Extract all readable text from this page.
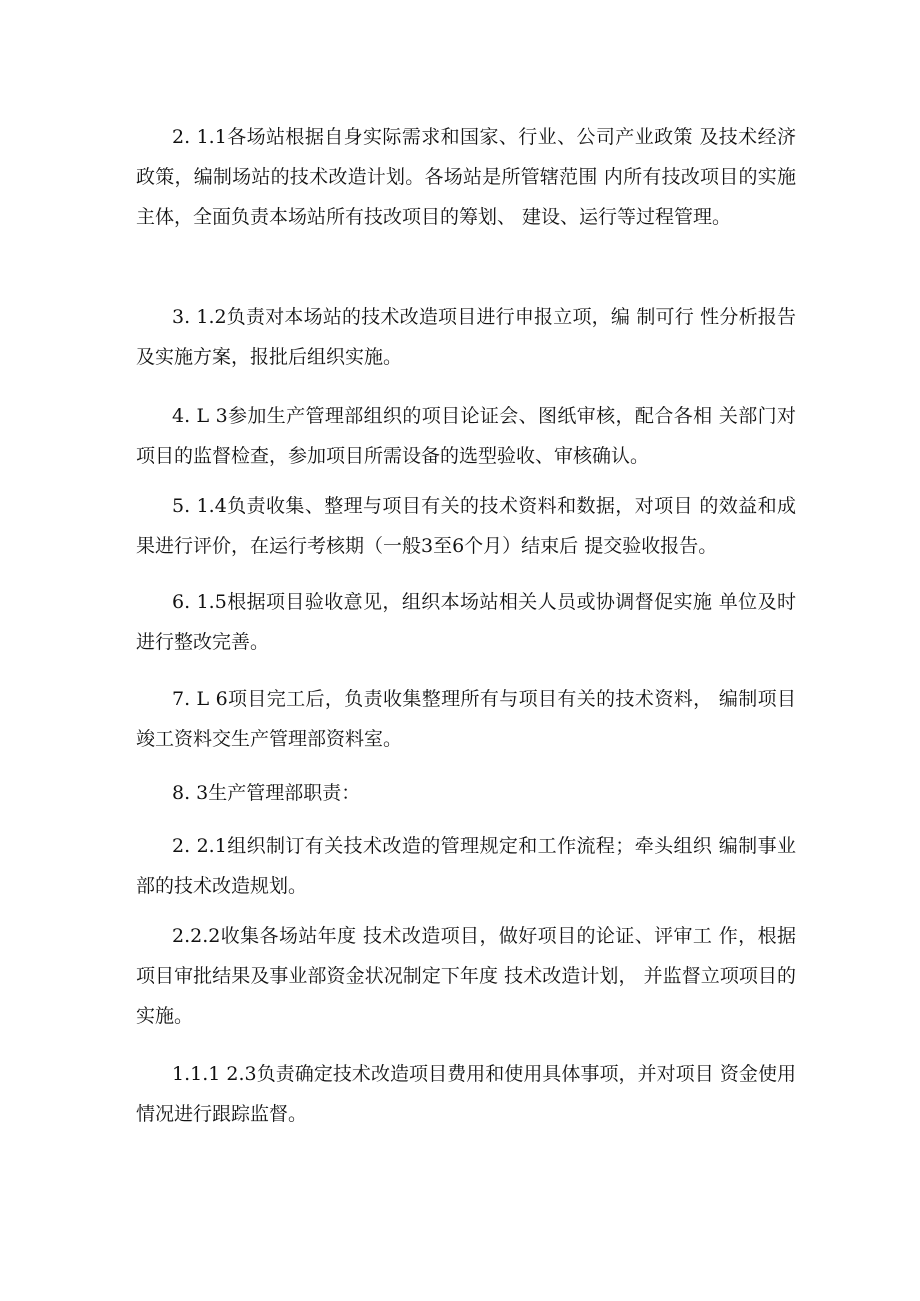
2. 1.1各场站根据自身实际需求和国家、行业、公司产业政策 及技术经济政策，编制场站的技术改造计划。各场站是所管辖范围 内所有技改项目的实施主体，全面负责本场站所有技改项目的筹划、 建设、运行等过程管理。

3. 1.2负责对本场站的技术改造项目进行申报立项，编 制可行 性分析报告及实施方案，报批后组织实施。

4. L 3参加生产管理部组织的项目论证会、图纸审核，配合各相 关部门对项目的监督检查，参加项目所需设备的选型验收、审核确认。

5. 1.4负责收集、整理与项目有关的技术资料和数据，对项目 的效益和成果进行评价，在运行考核期（一般3至6个月）结束后 提交验收报告。

6. 1.5根据项目验收意见，组织本场站相关人员或协调督促实施 单位及时进行整改完善。

7. L 6项目完工后，负责收集整理所有与项目有关的技术资料， 编制项目竣工资料交生产管理部资料室。

8. 3生产管理部职责：

2. 2.1组织制订有关技术改造的管理规定和工作流程；牵头组织 编制事业部的技术改造规划。

2.2.2收集各场站年度 技术改造项目，做好项目的论证、评审工 作，根据项目审批结果及事业部资金状况制定下年度 技术改造计划， 并监督立项项目的实施。

1.1.1 2.3负责确定技术改造项目费用和使用具体事项，并对项目 资金使用情况进行跟踪监督。
